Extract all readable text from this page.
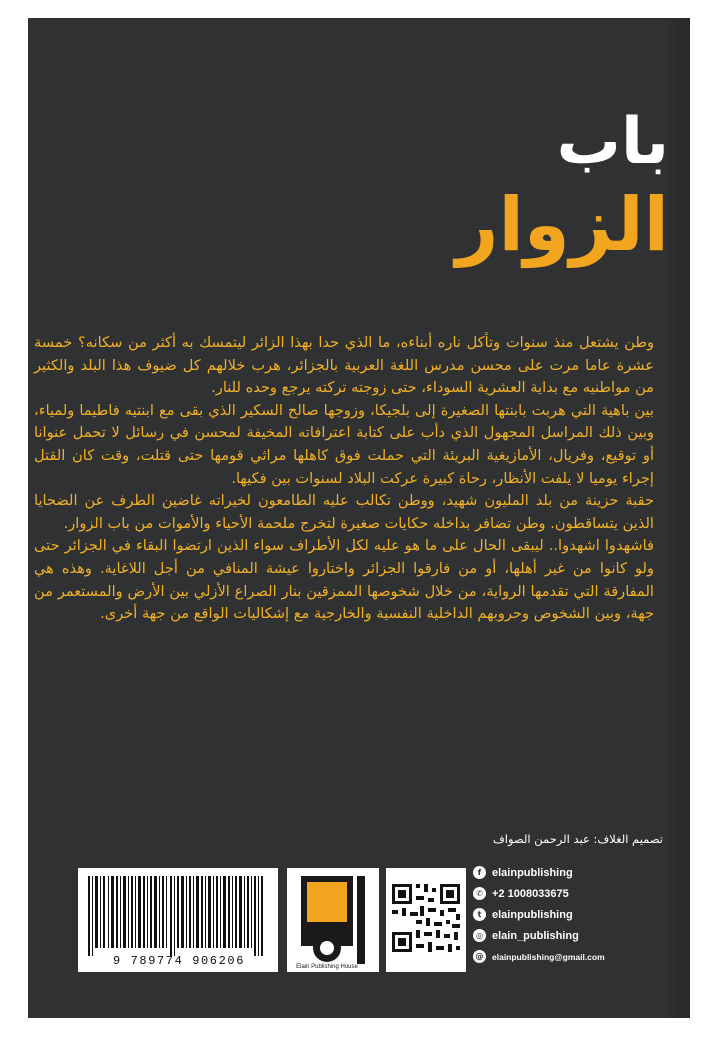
باب
الزوار

وطن يشتعل منذ سنوات وتأكل ناره أبناءه، ما الذي حدا بهذا الزائر ليتمسك به أكثر من سكانه؟ خمسة عشرة عاما مرت على محسن مدرس اللغة العربية بالجزائر، هرب خلالهم كل ضيوف هذا البلد والكثير من مواطنيه مع بداية العشرية السوداء، حتى زوجته تركته يرجع وحده للنار.

بين باهية التي هربت بابنتها الصغيرة إلى بلجيكا، وزوجها صالح السكير الذي بقى مع ابنتيه فاطيما ولمياء، وبين ذلك المراسل المجهول الذي دأب على كتابة اعترافاته المخيفة لمحسن في رسائل لا تحمل عنوانا أو توقيع، وفريال، الأمازيغية البريئة التي حملت فوق كاهلها مراثي قومها حتى قتلت، وقت كان القتل إجراء يوميا لا يلفت الأنظار، رحاة كبيرة عركت البلاد لسنوات بين فكيها.

حقبة حزينة من بلد المليون شهيد، ووطن تكالب عليه الطامعون لخيراته غاضين الطرف عن الضحايا الذين يتساقطون. وطن تضافر بداخله حكايات صغيرة لتخرج ملحمة الأحياء والأموات من باب الزوار.

فاشهدوا اشهدوا.. ليبقى الحال على ما هو عليه لكل الأطراف سواء الذين ارتضوا البقاء في الجزائر حتى ولو كانوا من غير أهلها، أو من فارقوا الجزائر واختاروا عيشة المنافي من أجل اللاغاية. وهذه هي المفارقة التي تقدمها الرواية، من خلال شخوصها الممزقين بنار الصراع الأزلي بين الأرض والمستعمر من جهة، وبين الشخوص وحروبهم الداخلية النفسية والخارجية مع إشكاليات الواقع من جهة أخرى.

تصميم الغلاف: عبد الرحمن الصواف
9 789774 906206	Elain Publishing House
f elainpublishing
✆ +2 1008033675
t elainpublishing
◎ elain_publishing
@ elainpublishing@gmail.com
